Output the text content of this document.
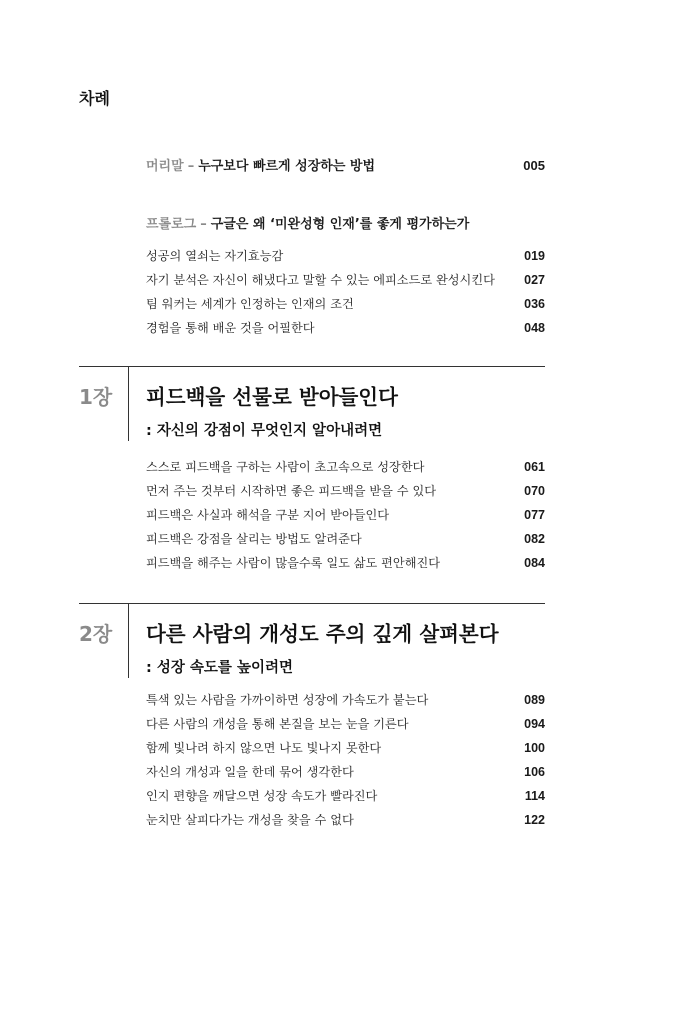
차례
머리말 – 누구보다 빠르게 성장하는 방법	005
프롤로그 – 구글은 왜 ‘미완성형 인재’를 좋게 평가하는가
성공의 열쇠는 자기효능감	019
자기 분석은 자신이 해냈다고 말할 수 있는 에피소드로 완성시킨다	027
팀 워커는 세계가 인정하는 인재의 조건	036
경험을 통해 배운 것을 어필한다	048
1장 피드백을 선물로 받아들인다
: 자신의 강점이 무엇인지 알아내려면
스스로 피드백을 구하는 사람이 초고속으로 성장한다	061
먼저 주는 것부터 시작하면 좋은 피드백을 받을 수 있다	070
피드백은 사실과 해석을 구분 지어 받아들인다	077
피드백은 강점을 살리는 방법도 알려준다	082
피드백을 해주는 사람이 많을수록 일도 삶도 편안해진다	084
2장 다른 사람의 개성도 주의 깊게 살펴본다
: 성장 속도를 높이려면
특색 있는 사람을 가까이하면 성장에 가속도가 붙는다	089
다른 사람의 개성을 통해 본질을 보는 눈을 기른다	094
함께 빛나려 하지 않으면 나도 빛나지 못한다	100
자신의 개성과 일을 한데 묶어 생각한다	106
인지 편향을 깨달으면 성장 속도가 빨라진다	114
눈치만 살피다가는 개성을 찾을 수 없다	122
